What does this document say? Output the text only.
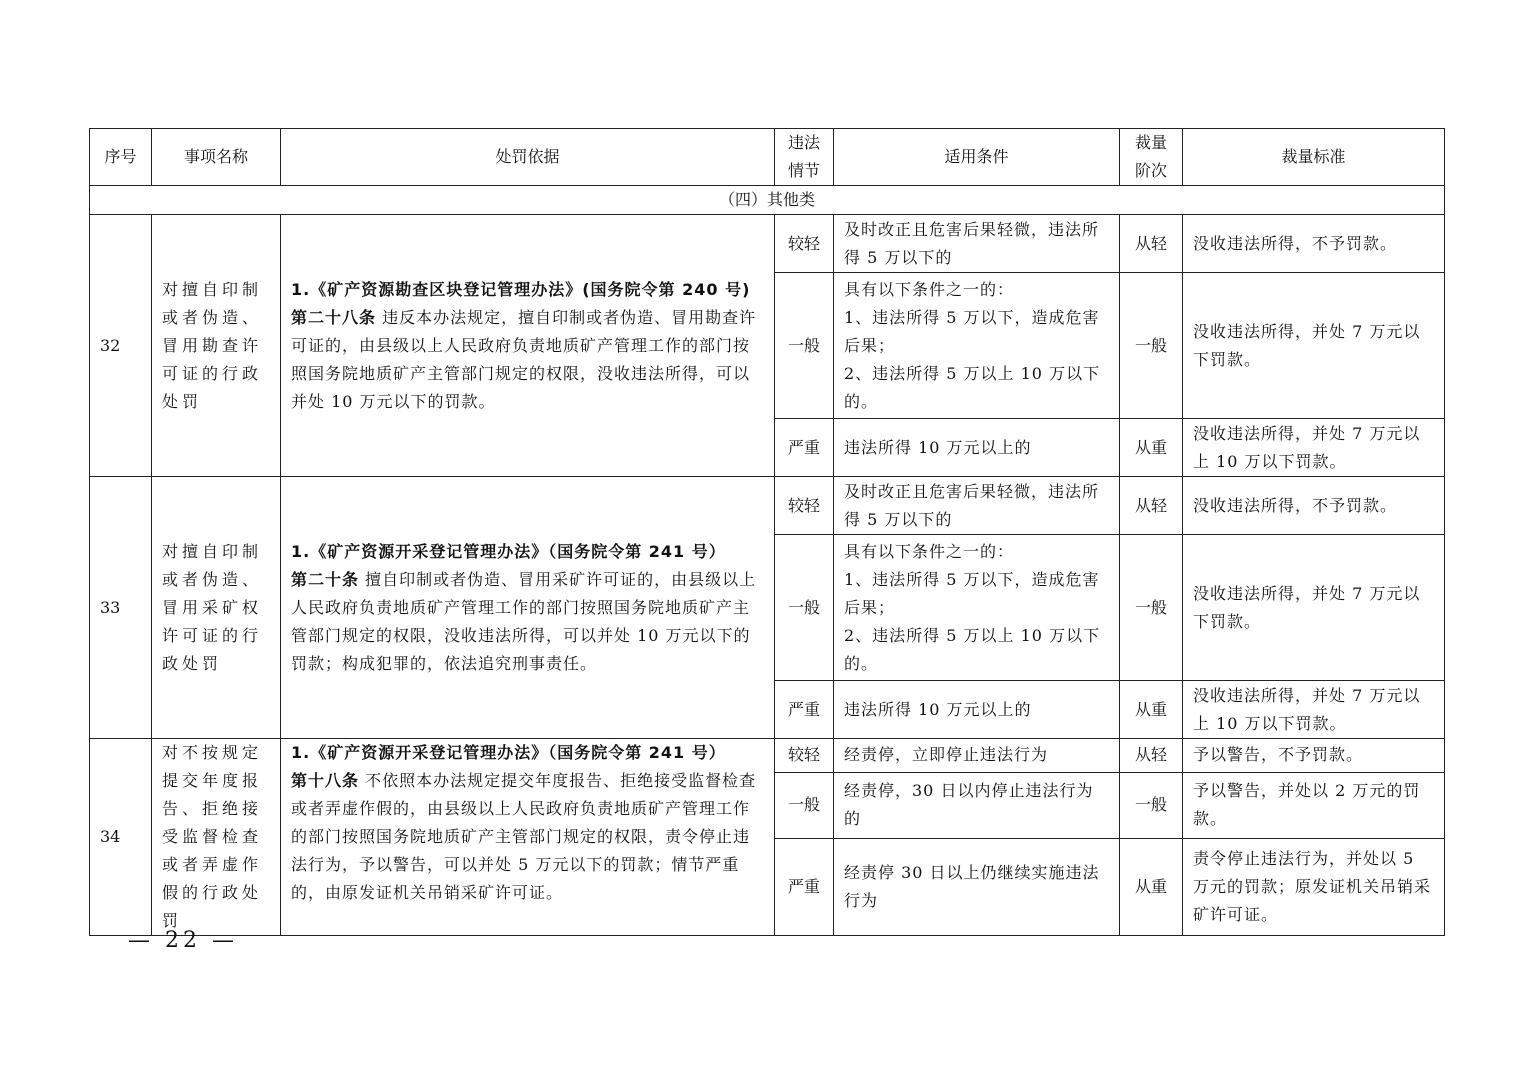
序号	事项名称	处罚依据	违法情节	适用条件	裁量阶次	裁量标准
（四）其他类						
32	对擅自印制或者伪造、冒用勘查许可证的行政处罚	1.《矿产资源勘查区块登记管理办法》(国务院令第 240 号)
第二十八条 违反本办法规定，擅自印制或者伪造、冒用勘查许可证的，由县级以上人民政府负责地质矿产管理工作的部门按照国务院地质矿产主管部门规定的权限，没收违法所得，可以并处 10 万元以下的罚款。	较轻	及时改正且危害后果轻微，违法所得 5 万以下的	从轻	没收违法所得，不予罚款。
			一般	具有以下条件之一的：
1、违法所得 5 万以下，造成危害后果；
2、违法所得 5 万以上 10 万以下的。	一般	没收违法所得，并处 7 万元以下罚款。
			严重	违法所得 10 万元以上的	从重	没收违法所得，并处 7 万元以上 10 万以下罚款。
33	对擅自印制或者伪造、冒用采矿权许可证的行政处罚	1.《矿产资源开采登记管理办法》（国务院令第 241 号）
第二十条 擅自印制或者伪造、冒用采矿许可证的，由县级以上人民政府负责地质矿产管理工作的部门按照国务院地质矿产主管部门规定的权限，没收违法所得，可以并处 10 万元以下的罚款；构成犯罪的，依法追究刑事责任。	较轻	及时改正且危害后果轻微，违法所得 5 万以下的	从轻	没收违法所得，不予罚款。
			一般	具有以下条件之一的：
1、违法所得 5 万以下，造成危害后果；
2、违法所得 5 万以上 10 万以下的。	一般	没收违法所得，并处 7 万元以下罚款。
			严重	违法所得 10 万元以上的	从重	没收违法所得，并处 7 万元以上 10 万以下罚款。
34	对不按规定提交年度报告、拒绝接受监督检查或者弄虚作假的行政处罚	1.《矿产资源开采登记管理办法》（国务院令第 241 号）
第十八条 不依照本办法规定提交年度报告、拒绝接受监督检查或者弄虚作假的，由县级以上人民政府负责地质矿产管理工作的部门按照国务院地质矿产主管部门规定的权限，责令停止违法行为，予以警告，可以并处 5 万元以下的罚款；情节严重的，由原发证机关吊销采矿许可证。	较轻	经责停，立即停止违法行为	从轻	予以警告，不予罚款。
			一般	经责停，30 日以内停止违法行为的	一般	予以警告，并处以 2 万元的罚款。
			严重	经责停 30 日以上仍继续实施违法行为	从重	责令停止违法行为，并处以 5 万元的罚款；原发证机关吊销采矿许可证。
— 22 —
